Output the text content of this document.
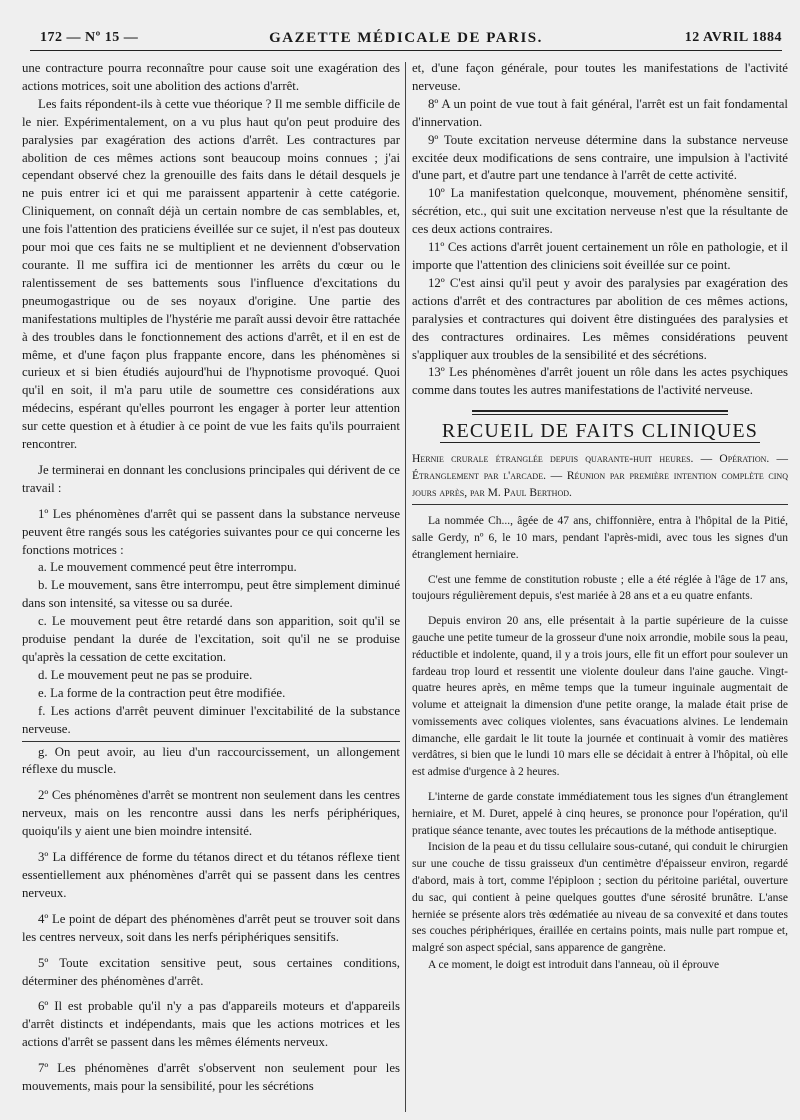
172 — Nº 15 —	GAZETTE MÉDICALE DE PARIS.	12 AVRIL 1884

une contracture pourra reconnaître pour cause soit une exagération des actions motrices, soit une abolition des actions d'arrêt.

Les faits répondent-ils à cette vue théorique ? Il me semble difficile de le nier. Expérimentalement, on a vu plus haut qu'on peut produire des paralysies par exagération des actions d'arrêt. Les contractures par abolition de ces mêmes actions sont beaucoup moins connues ; j'ai cependant observé chez la grenouille des faits dans le détail desquels je ne puis entrer ici et qui me paraissent appartenir à cette catégorie. Cliniquement, on connaît déjà un certain nombre de cas semblables, et, une fois l'attention des praticiens éveillée sur ce sujet, il n'est pas douteux pour moi que ces faits ne se multiplient et ne deviennent d'observation courante. Il me suffira ici de mentionner les arrêts du cœur ou le ralentissement de ses battements sous l'influence d'excitations du pneumogastrique ou de ses noyaux d'origine. Une partie des manifestations multiples de l'hystérie me paraît aussi devoir être rattachée à des troubles dans le fonctionnement des actions d'arrêt, et il en est de même, et d'une façon plus frappante encore, dans les phénomènes si curieux et si bien étudiés aujourd'hui de l'hypnotisme provoqué. Quoi qu'il en soit, il m'a paru utile de soumettre ces considérations aux médecins, espérant qu'elles pourront les engager à porter leur attention sur cette question et à étudier à ce point de vue les faits qu'ils pourraient rencontrer.

Je terminerai en donnant les conclusions principales qui dérivent de ce travail :

1º Les phénomènes d'arrêt qui se passent dans la substance nerveuse peuvent être rangés sous les catégories suivantes pour ce qui concerne les fonctions motrices :

a. Le mouvement commencé peut être interrompu.

b. Le mouvement, sans être interrompu, peut être simplement diminué dans son intensité, sa vitesse ou sa durée.

c. Le mouvement peut être retardé dans son apparition, soit qu'il se produise pendant la durée de l'excitation, soit qu'il ne se produise qu'après la cessation de cette excitation.

d. Le mouvement peut ne pas se produire.

e. La forme de la contraction peut être modifiée.

f. Les actions d'arrêt peuvent diminuer l'excitabilité de la substance nerveuse.

g. On peut avoir, au lieu d'un raccourcissement, un allongement réflexe du muscle.

2º Ces phénomènes d'arrêt se montrent non seulement dans les centres nerveux, mais on les rencontre aussi dans les nerfs périphériques, quoiqu'ils y aient une bien moindre intensité.

3º La différence de forme du tétanos direct et du tétanos réflexe tient essentiellement aux phénomènes d'arrêt qui se passent dans les centres nerveux.

4º Le point de départ des phénomènes d'arrêt peut se trouver soit dans les centres nerveux, soit dans les nerfs périphériques sensitifs.

5º Toute excitation sensitive peut, sous certaines conditions, déterminer des phénomènes d'arrêt.

6º Il est probable qu'il n'y a pas d'appareils moteurs et d'appareils d'arrêt distincts et indépendants, mais que les actions motrices et les actions d'arrêt se passent dans les mêmes éléments nerveux.

7º Les phénomènes d'arrêt s'observent non seulement pour les mouvements, mais pour la sensibilité, pour les sécrétions

et, d'une façon générale, pour toutes les manifestations de l'activité nerveuse.

8º A un point de vue tout à fait général, l'arrêt est un fait fondamental d'innervation.

9º Toute excitation nerveuse détermine dans la substance nerveuse excitée deux modifications de sens contraire, une impulsion à l'activité d'une part, et d'autre part une tendance à l'arrêt de cette activité.

10º La manifestation quelconque, mouvement, phénomène sensitif, sécrétion, etc., qui suit une excitation nerveuse n'est que la résultante de ces deux actions contraires.

11º Ces actions d'arrêt jouent certainement un rôle en pathologie, et il importe que l'attention des cliniciens soit éveillée sur ce point.

12º C'est ainsi qu'il peut y avoir des paralysies par exagération des actions d'arrêt et des contractures par abolition de ces mêmes actions, paralysies et contractures qui doivent être distinguées des paralysies et des contractures ordinaires. Les mêmes considérations peuvent s'appliquer aux troubles de la sensibilité et des sécrétions.

13º Les phénomènes d'arrêt jouent un rôle dans les actes psychiques comme dans toutes les autres manifestations de l'activité nerveuse.

RECUEIL DE FAITS CLINIQUES

Hernie crurale étranglée depuis quarante-huit heures. — Opération. — Étranglement par l'arcade. — Réunion par première intention complète cinq jours après, par M. Paul Berthod.

La nommée Ch..., âgée de 47 ans, chiffonnière, entra à l'hôpital de la Pitié, salle Gerdy, nº 6, le 10 mars, pendant l'après-midi, avec tous les signes d'un étranglement herniaire.

C'est une femme de constitution robuste ; elle a été réglée à l'âge de 17 ans, toujours régulièrement depuis, s'est mariée à 28 ans et a eu quatre enfants.

Depuis environ 20 ans, elle présentait à la partie supérieure de la cuisse gauche une petite tumeur de la grosseur d'une noix arrondie, mobile sous la peau, réductible et indolente, quand, il y a trois jours, elle fit un effort pour soulever un fardeau trop lourd et ressentit une violente douleur dans l'aine gauche. Vingt-quatre heures après, en même temps que la tumeur inguinale augmentait de volume et atteignait la dimension d'une petite orange, la malade était prise de vomissements avec coliques violentes, sans évacuations alvines. Le lendemain dimanche, elle gardait le lit toute la journée et continuait à vomir des matières verdâtres, si bien que le lundi 10 mars elle se décidait à entrer à l'hôpital, où elle est admise d'urgence à 2 heures.

L'interne de garde constate immédiatement tous les signes d'un étranglement herniaire, et M. Duret, appelé à cinq heures, se prononce pour l'opération, qu'il pratique séance tenante, avec toutes les précautions de la méthode antiseptique.

Incision de la peau et du tissu cellulaire sous-cutané, qui conduit le chirurgien sur une couche de tissu graisseux d'un centimètre d'épaisseur environ, regardé d'abord, mais à tort, comme l'épiploon ; section du péritoine pariétal, ouverture du sac, qui contient à peine quelques gouttes d'une sérosité brunâtre. L'anse herniée se présente alors très œdématiée au niveau de sa convexité et dans toutes ses couches périphériques, éraillée en certains points, mais nulle part rompue et, malgré son aspect spécial, sans apparence de gangrène.

A ce moment, le doigt est introduit dans l'anneau, où il éprouve
